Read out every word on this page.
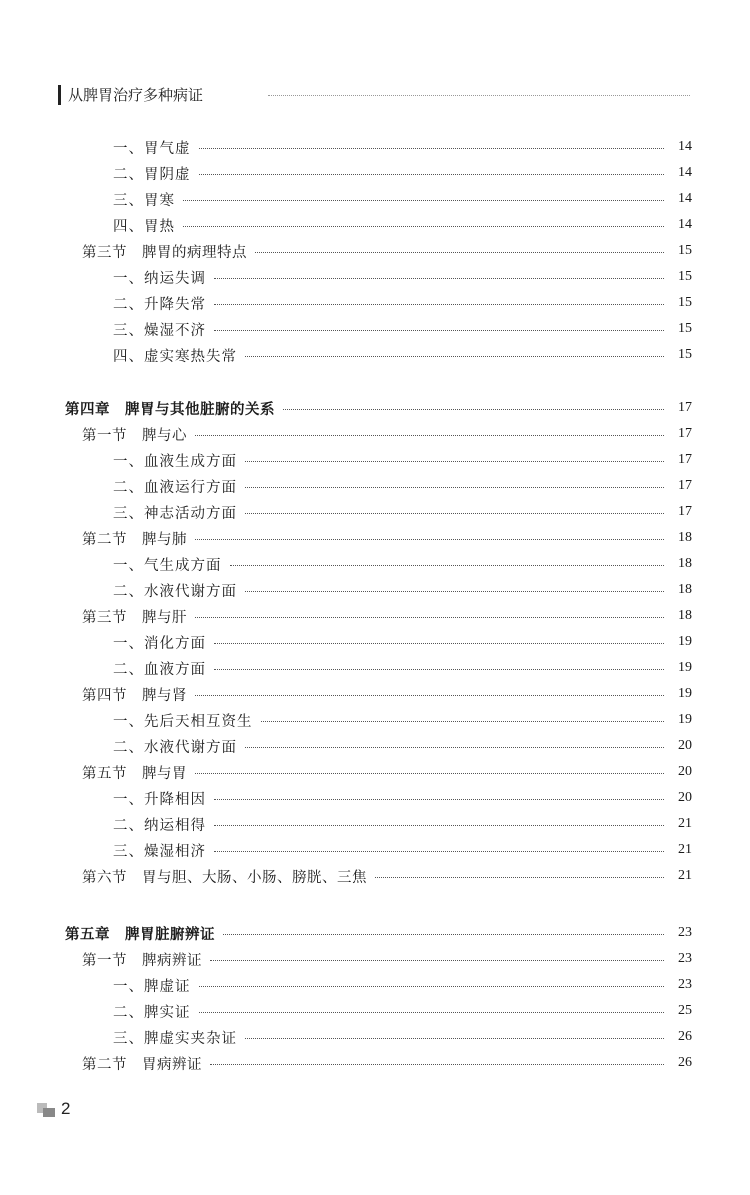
从脾胃治疗多种病证
一、胃气虚	14
二、胃阴虚	14
三、胃寒	14
四、胃热	14
第三节　脾胃的病理特点	15
一、纳运失调	15
二、升降失常	15
三、燥湿不济	15
四、虚实寒热失常	15
第四章　脾胃与其他脏腑的关系	17
第一节　脾与心	17
一、血液生成方面	17
二、血液运行方面	17
三、神志活动方面	17
第二节　脾与肺	18
一、气生成方面	18
二、水液代谢方面	18
第三节　脾与肝	18
一、消化方面	19
二、血液方面	19
第四节　脾与肾	19
一、先后天相互资生	19
二、水液代谢方面	20
第五节　脾与胃	20
一、升降相因	20
二、纳运相得	21
三、燥湿相济	21
第六节　胃与胆、大肠、小肠、膀胱、三焦	21
第五章　脾胃脏腑辨证	23
第一节　脾病辨证	23
一、脾虚证	23
二、脾实证	25
三、脾虚实夹杂证	26
第二节　胃病辨证	26
2
